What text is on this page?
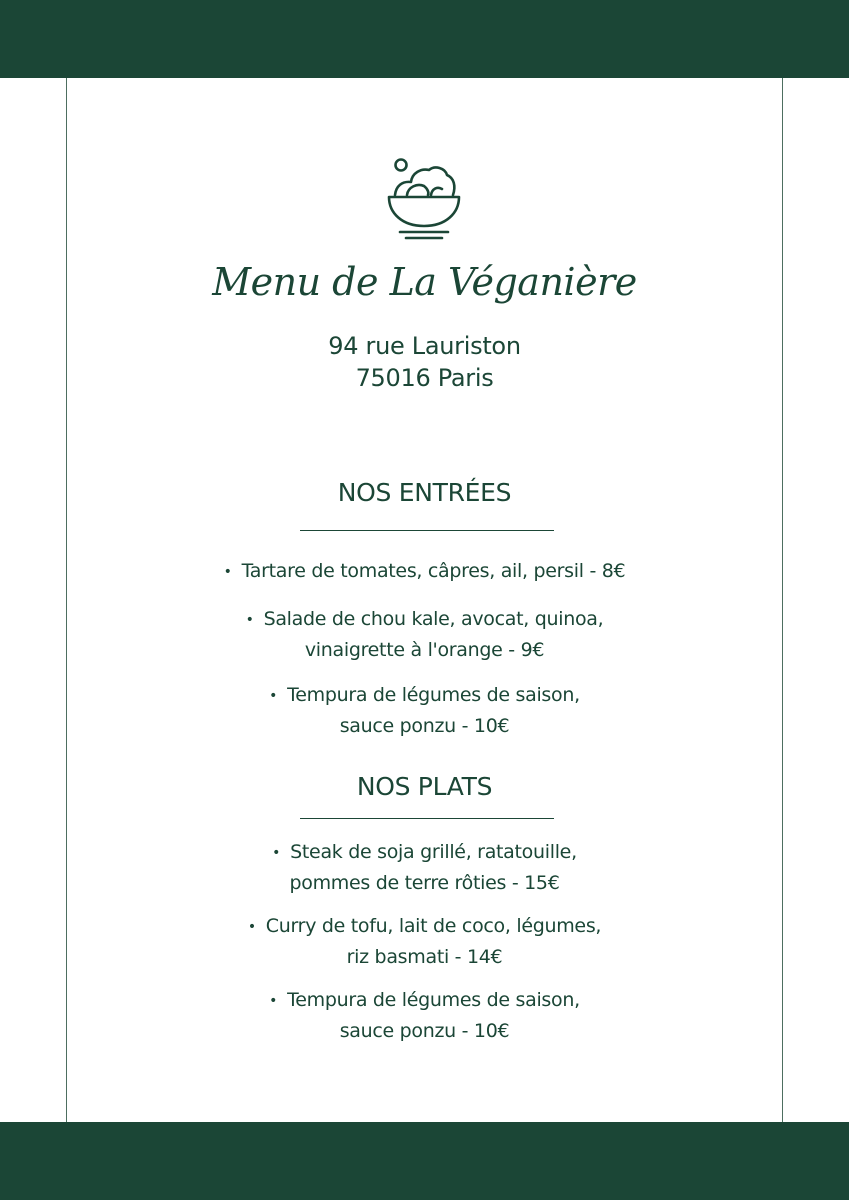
Menu de La Véganière
94 rue Lauriston
75016 Paris
NOS ENTRÉES
• Tartare de tomates, câpres, ail, persil - 8€
• Salade de chou kale, avocat, quinoa,
vinaigrette à l'orange - 9€
• Tempura de légumes de saison,
sauce ponzu - 10€
NOS PLATS
• Steak de soja grillé, ratatouille,
pommes de terre rôties - 15€
• Curry de tofu, lait de coco, légumes,
riz basmati - 14€
• Tempura de légumes de saison,
sauce ponzu - 10€
